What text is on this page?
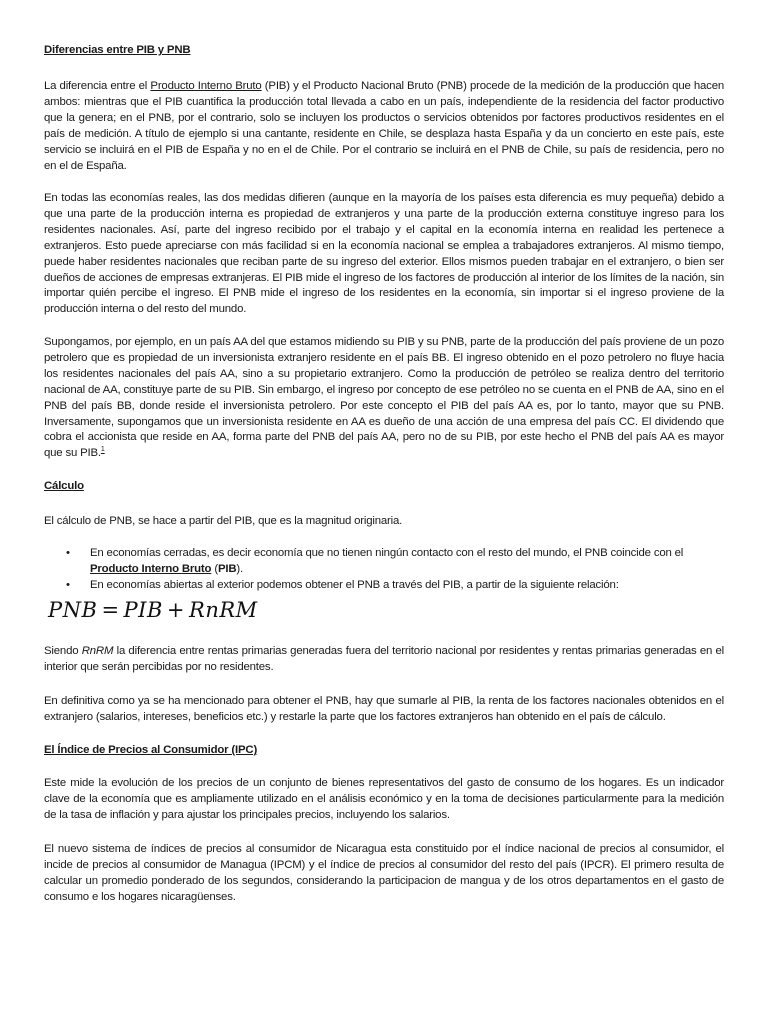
Diferencias entre PIB y PNB

La diferencia entre el Producto Interno Bruto (PIB) y el Producto Nacional Bruto (PNB) procede de la medición de la producción que hacen ambos: mientras que el PIB cuantifica la producción total llevada a cabo en un país, independiente de la residencia del factor productivo que la genera; en el PNB, por el contrario, solo se incluyen los productos o servicios obtenidos por factores productivos residentes en el país de medición. A título de ejemplo si una cantante, residente en Chile, se desplaza hasta España y da un concierto en este país, este servicio se incluirá en el PIB de España y no en el de Chile. Por el contrario se incluirá en el PNB de Chile, su país de residencia, pero no en el de España.

En todas las economías reales, las dos medidas difieren (aunque en la mayoría de los países esta diferencia es muy pequeña) debido a que una parte de la producción interna es propiedad de extranjeros y una parte de la producción externa constituye ingreso para los residentes nacionales. Así, parte del ingreso recibido por el trabajo y el capital en la economía interna en realidad les pertenece a extranjeros. Esto puede apreciarse con más facilidad si en la economía nacional se emplea a trabajadores extranjeros. Al mismo tiempo, puede haber residentes nacionales que reciban parte de su ingreso del exterior. Ellos mismos pueden trabajar en el extranjero, o bien ser dueños de acciones de empresas extranjeras. El PIB mide el ingreso de los factores de producción al interior de los límites de la nación, sin importar quién percibe el ingreso. El PNB mide el ingreso de los residentes en la economía, sin importar si el ingreso proviene de la producción interna o del resto del mundo.

Supongamos, por ejemplo, en un país AA del que estamos midiendo su PIB y su PNB, parte de la producción del país proviene de un pozo petrolero que es propiedad de un inversionista extranjero residente en el país BB. El ingreso obtenido en el pozo petrolero no fluye hacia los residentes nacionales del país AA, sino a su propietario extranjero. Como la producción de petróleo se realiza dentro del territorio nacional de AA, constituye parte de su PIB. Sin embargo, el ingreso por concepto de ese petróleo no se cuenta en el PNB de AA, sino en el PNB del país BB, donde reside el inversionista petrolero. Por este concepto el PIB del país AA es, por lo tanto, mayor que su PNB. Inversamente, supongamos que un inversionista residente en AA es dueño de una acción de una empresa del país CC. El dividendo que cobra el accionista que reside en AA, forma parte del PNB del país AA, pero no de su PIB, por este hecho el PNB del país AA es mayor que su PIB.$^1$

Cálculo

El cálculo de PNB, se hace a partir del PIB, que es la magnitud originaria.

• En economías cerradas, es decir economía que no tienen ningún contacto con el resto del mundo, el PNB coincide con el Producto Interno Bruto (PIB).
• En economías abiertas al exterior podemos obtener el PNB a través del PIB, a partir de la siguiente relación:
PNB = PIB + RnRM

Siendo RnRM la diferencia entre rentas primarias generadas fuera del territorio nacional por residentes y rentas primarias generadas en el interior que serán percibidas por no residentes.

En definitiva como ya se ha mencionado para obtener el PNB, hay que sumarle al PIB, la renta de los factores nacionales obtenidos en el extranjero (salarios, intereses, beneficios etc.) y restarle la parte que los factores extranjeros han obtenido en el país de cálculo.

El Índice de Precios al Consumidor (IPC)

Este mide la evolución de los precios de un conjunto de bienes representativos del gasto de consumo de los hogares. Es un indicador clave de la economía que es ampliamente utilizado en el análisis económico y en la toma de decisiones particularmente para la medición de la tasa de inflación y para ajustar los principales precios, incluyendo los salarios.

El nuevo sistema de índices de precios al consumidor de Nicaragua esta constituido por el índice nacional de precios al consumidor, el incide de precios al consumidor de Managua (IPCM) y el índice de precios al consumidor del resto del país (IPCR). El primero resulta de calcular un promedio ponderado de los segundos, considerando la participacion de mangua y de los otros departamentos en el gasto de consumo e los hogares nicaragüenses.
